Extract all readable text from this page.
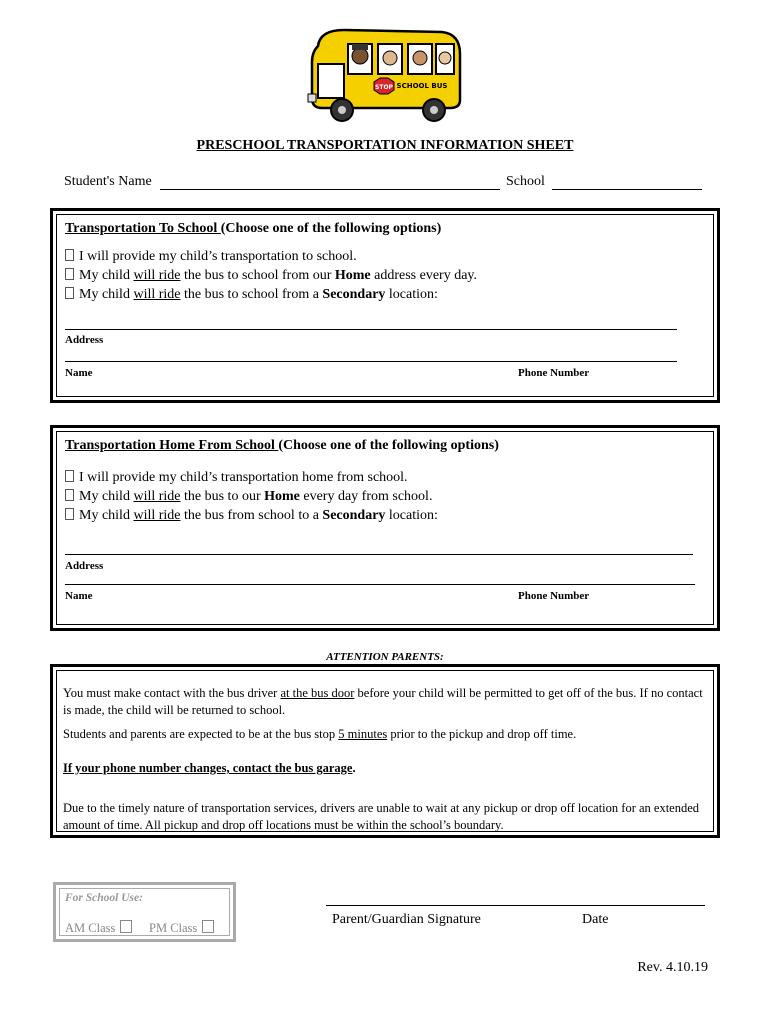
STOP SCHOOL BUS
PRESCHOOL TRANSPORTATION INFORMATION SHEET
Student's Name	School
Transportation To School (Choose one of the following options)
I will provide my child’s transportation to school.
My child will ride the bus to school from our Home address every day.
My child will ride the bus to school from a Secondary location:
Address
Name	Phone Number
Transportation Home From School (Choose one of the following options)
I will provide my child’s transportation home from school.
My child will ride the bus to our Home every day from school.
My child will ride the bus from school to a Secondary location:
Address
Name	Phone Number
ATTENTION PARENTS:
You must make contact with the bus driver at the bus door before your child will be permitted to get off of the bus. If no contact is made, the child will be returned to school.
Students and parents are expected to be at the bus stop 5 minutes prior to the pickup and drop off time.
If your phone number changes, contact the bus garage.
Due to the timely nature of transportation services, drivers are unable to wait at any pickup or drop off location for an extended amount of time. All pickup and drop off locations must be within the school’s boundary.
For School Use:
AM Class	PM Class
Parent/Guardian Signature	Date
Rev. 4.10.19
